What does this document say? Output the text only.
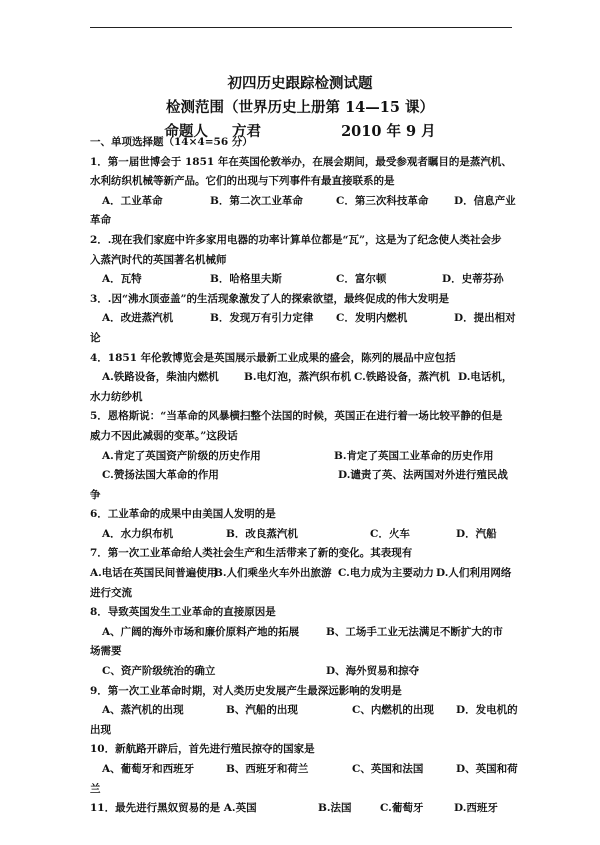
初四历史跟踪检测试题
检测范围（世界历史上册第 14—15 课）
命题人 方君	2010 年 9 月
一、单项选择题（14×4=56 分）
1．第一届世博会于 1851 年在英国伦敦举办，在展会期间，最受参观者瞩目的是蒸汽机、
水利纺织机械等新产品。它们的出现与下列事件有最直接联系的是
A．工业革命	B．第二次工业革命	C．第三次科技革命 D．信息产业
革命
2．.现在我们家庭中许多家用电器的功率计算单位都是“瓦”，这是为了纪念使人类社会步
入蒸汽时代的英国著名机械师
A．瓦特	B．哈格里夫斯	C．富尔顿	D．史蒂芬孙
3．.因“沸水顶壶盖”的生活现象激发了人的探索欲望，最终促成的伟大发明是
A．改进蒸汽机	B．发现万有引力定律 C．发明内燃机	D．提出相对
论
4．1851 年伦敦博览会是英国展示最新工业成果的盛会，陈列的展品中应包括
A.铁路设备，柴油内燃机 B.电灯泡，蒸汽织布机 C.铁路设备，蒸汽机 D.电话机，
水力纺纱机
5．恩格斯说：“当革命的风暴横扫整个法国的时候，英国正在进行着一场比较平静的但是
威力不因此减弱的变革。”这段话
A.肯定了英国资产阶级的历史作用	B.肯定了英国工业革命的历史作用
C.赞扬法国大革命的作用	D.谴责了英、法两国对外进行殖民战
争
6．工业革命的成果中由美国人发明的是
A．水力织布机	B．改良蒸汽机	C．火车	D．汽船
7．第一次工业革命给人类社会生产和生活带来了新的变化。其表现有
A.电话在英国民间普遍使用
B.人们乘坐火车外出旅游 C.电力成为主要动力 D.人们利用网络
进行交流
8．导致英国发生工业革命的直接原因是
A、广阔的海外市场和廉价原料产地的拓展	B、工场手工业无法满足不断扩大的市
场需要
C、资产阶级统治的确立	D、海外贸易和掠夺
9．第一次工业革命时期，对人类历史发展产生最深远影响的发明是
A、蒸汽机的出现	B、汽船的出现	C、内燃机的出现 D．发电机的
出现
10．新航路开辟后，首先进行殖民掠夺的国家是
A、葡萄牙和西班牙	B、西班牙和荷兰	C、英国和法国	D、英国和荷
兰
11．最先进行黑奴贸易的是 A.英国	B.法国	C.葡萄牙	D.西班牙
